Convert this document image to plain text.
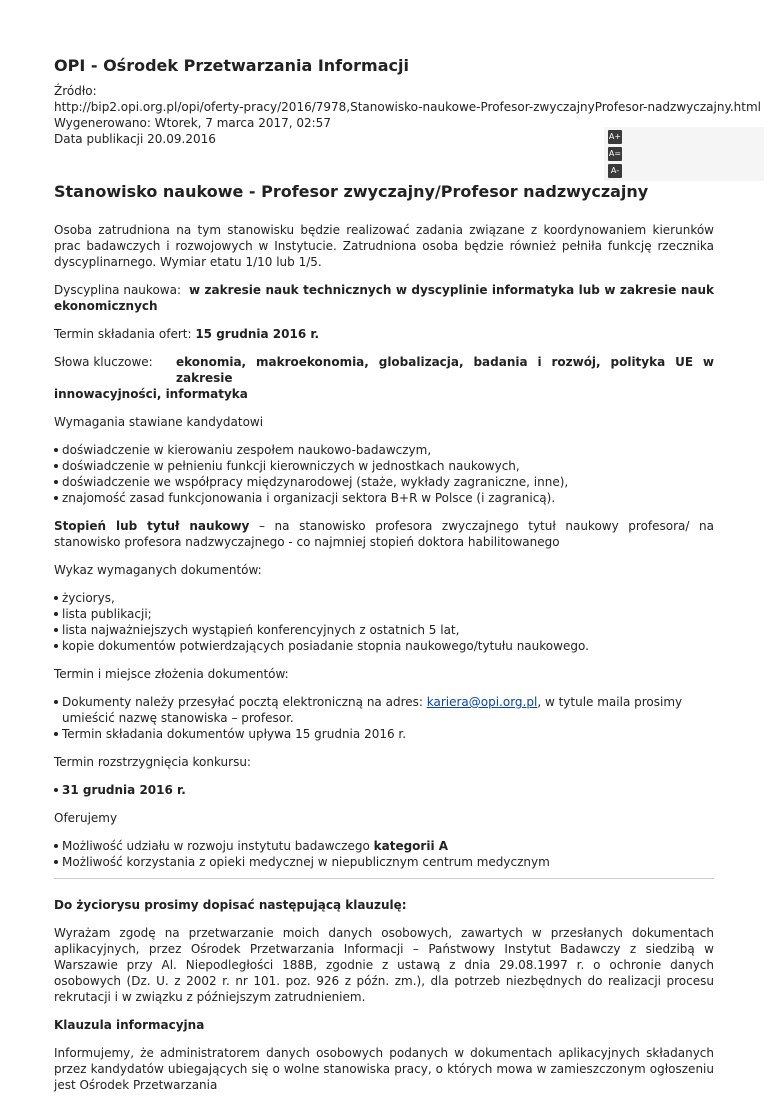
OPI - Ośrodek Przetwarzania Informacji
Źródło:
http://bip2.opi.org.pl/opi/oferty-pracy/2016/7978,Stanowisko-naukowe-Profesor-zwyczajnyProfesor-nadzwyczajny.html
Wygenerowano: Wtorek, 7 marca 2017, 02:57
Data publikacji 20.09.2016	A+
A=
A-
Stanowisko naukowe - Profesor zwyczajny/Profesor nadzwyczajny

Osoba zatrudniona na tym stanowisku będzie realizować zadania związane z koordynowaniem kierunków prac badawczych i rozwojowych w Instytucie. Zatrudniona osoba będzie również pełniła funkcję rzecznika dyscyplinarnego. Wymiar etatu 1/10 lub 1/5.

Dyscyplina naukowa: w zakresie nauk technicznych w dyscyplinie informatyka lub w zakresie nauk
ekonomicznych

Termin składania ofert: 15 grudnia 2016 r.

Słowa kluczowe:	ekonomia, makroekonomia, globalizacja, badania i rozwój, polityka UE w zakresie
innowacyjności, informatyka

Wymagania stawiane kandydatowi

doświadczenie w kierowaniu zespołem naukowo-badawczym,
doświadczenie w pełnieniu funkcji kierowniczych w jednostkach naukowych,
doświadczenie we współpracy międzynarodowej (staże, wykłady zagraniczne, inne),
znajomość zasad funkcjonowania i organizacji sektora B+R w Polsce (i zagranicą).

Stopień lub tytuł naukowy – na stanowisko profesora zwyczajnego tytuł naukowy profesora/ na stanowisko profesora nadzwyczajnego - co najmniej stopień doktora habilitowanego

Wykaz wymaganych dokumentów:

życiorys,
lista publikacji;
lista najważniejszych wystąpień konferencyjnych z ostatnich 5 lat,
kopie dokumentów potwierdzających posiadanie stopnia naukowego/tytułu naukowego.

Termin i miejsce złożenia dokumentów:

Dokumenty należy przesyłać pocztą elektroniczną na adres: kariera@opi.org.pl, w tytule maila prosimy umieścić nazwę stanowiska – profesor.
Termin składania dokumentów upływa 15 grudnia 2016 r.

Termin rozstrzygnięcia konkursu:

31 grudnia 2016 r.

Oferujemy

Możliwość udziału w rozwoju instytutu badawczego kategorii A
Możliwość korzystania z opieki medycznej w niepublicznym centrum medycznym

Do życiorysu prosimy dopisać następującą klauzulę:

Wyrażam zgodę na przetwarzanie moich danych osobowych, zawartych w przesłanych dokumentach aplikacyjnych, przez Ośrodek Przetwarzania Informacji – Państwowy Instytut Badawczy z siedzibą w Warszawie przy Al. Niepodległości 188B, zgodnie z ustawą z dnia 29.08.1997 r. o ochronie danych osobowych (Dz. U. z 2002 r. nr 101. poz. 926 z późn. zm.), dla potrzeb niezbędnych do realizacji procesu rekrutacji i w związku z późniejszym zatrudnieniem.

Klauzula informacyjna

Informujemy, że administratorem danych osobowych podanych w dokumentach aplikacyjnych składanych przez kandydatów ubiegających się o wolne stanowiska pracy, o których mowa w zamieszczonym ogłoszeniu jest Ośrodek Przetwarzania
